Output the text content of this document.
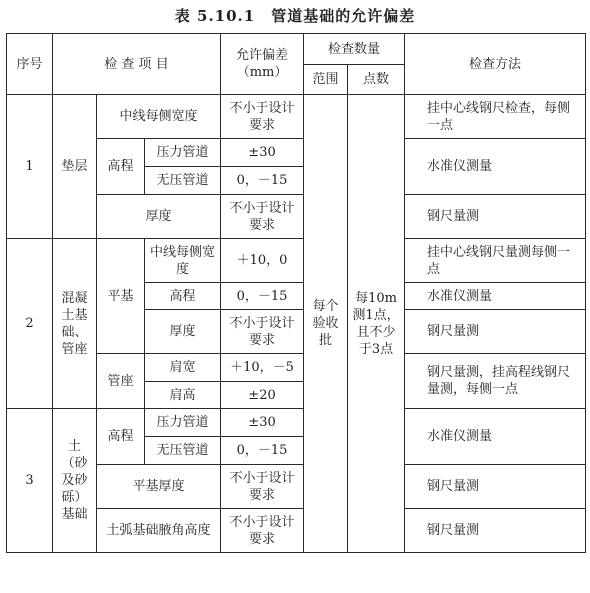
表 5.10.1　管道基础的允许偏差
序号	检 查 项 目			允许偏差（mm）	检查数量		检查方法
					范围	点数	
1	垫层	中线每侧宽度		不小于设计要求	每个验收批	每10m测1点，且不少于3点	挂中心线钢尺检查，每侧一点
		高程	压力管道	±30			水准仪测量
			无压管道	0，－15			
		厚度		不小于设计要求			钢尺量测
2	混凝土基础、管座	平基	中线每侧宽度	＋10，0			挂中心线钢尺量测每侧一点
			高程	0，－15			水准仪测量
			厚度	不小于设计要求			钢尺量测
		管座	肩宽	＋10，－5			钢尺量测，挂高程线钢尺量测，每侧一点
			肩高	±20			
3	土（砂及砂砾）基础	高程	压力管道	±30			水准仪测量
			无压管道	0，－15			
		平基厚度		不小于设计要求			钢尺量测
		土弧基础腋角高度		不小于设计要求			钢尺量测
